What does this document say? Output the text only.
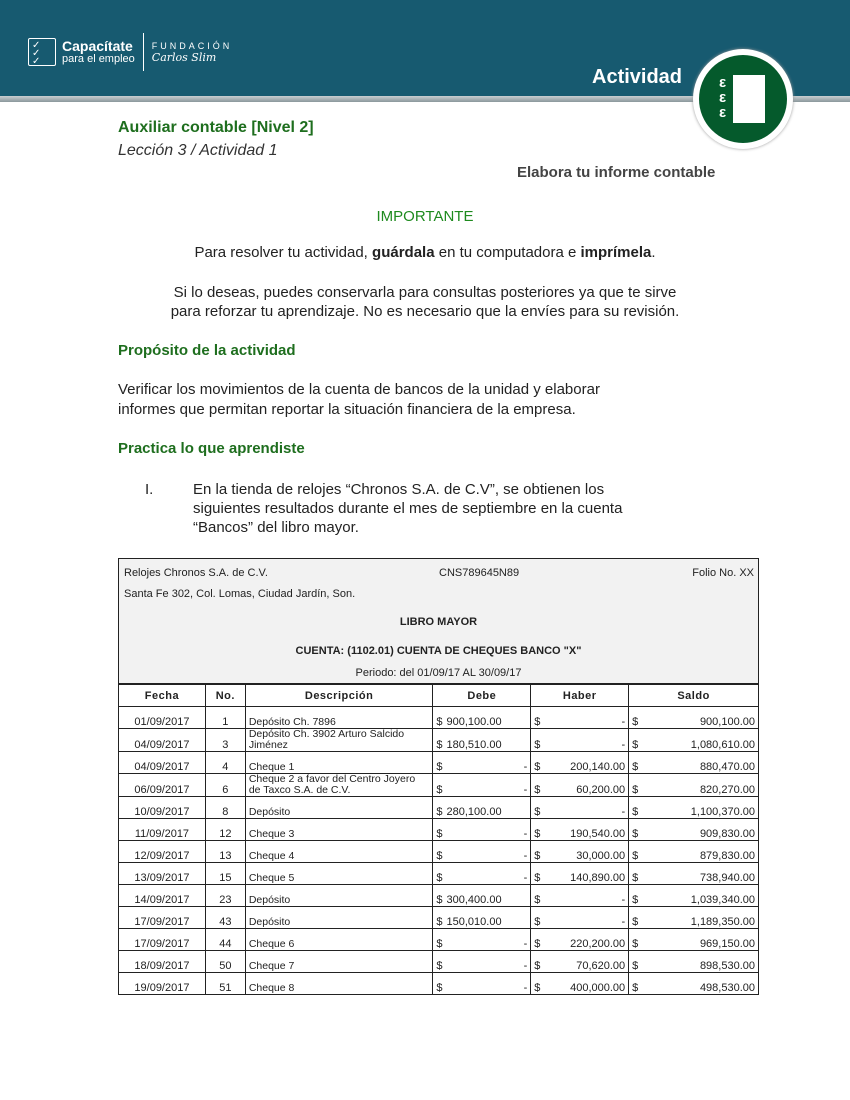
✓
✓
✓
Capacítate
para el empleo
FUNDACIÓN
Carlos Slim
Actividad ε
ε
ε
Auxiliar contable [Nivel 2]
Lección 3 / Actividad 1
Elabora tu informe contable
IMPORTANTE

Para resolver tu actividad, guárdala en tu computadora e imprímela.

Si lo deseas, puedes conservarla para consultas posteriores ya que te sirve

para reforzar tu aprendizaje. No es necesario que la envíes para su revisión.

Propósito de la actividad

Verificar los movimientos de la cuenta de bancos de la unidad y elaborar

informes que permitan reportar la situación financiera de la empresa.

Practica lo que aprendiste

I.	En la tienda de relojes “Chronos S.A. de C.V”, se obtienen los

siguientes resultados durante el mes de septiembre en la cuenta

“Bancos” del libro mayor.

Relojes Chronos S.A. de C.V.	CNS789645N89	Folio No. XX
Santa Fe 302, Col. Lomas, Ciudad Jardín, Son.
LIBRO MAYOR
CUENTA: (1102.01) CUENTA DE CHEQUES BANCO "X"
Periodo: del 01/09/17 AL 30/09/17
Fecha	No.	Descripción	Debe	Haber	Saldo
01/09/2017	1	Depósito Ch. 7896	$ 900,100.00	$ -	$ 900,100.00

04/09/2017	3	Depósito Ch. 3902 Arturo Salcido Jiménez	$ 180,510.00	$ -	$ 1,080,610.00

04/09/2017	4	Cheque 1	$ -	$ 200,140.00	$ 880,470.00

06/09/2017	6	Cheque 2 a favor del Centro Joyero de Taxco S.A. de C.V.	$ -	$ 60,200.00	$ 820,270.00

10/09/2017	8	Depósito	$ 280,100.00	$ -	$ 1,100,370.00

11/09/2017	12	Cheque 3	$ -	$ 190,540.00	$ 909,830.00

12/09/2017	13	Cheque 4	$ -	$ 30,000.00	$ 879,830.00

13/09/2017	15	Cheque 5	$ -	$ 140,890.00	$ 738,940.00

14/09/2017	23	Depósito	$ 300,400.00	$ -	$ 1,039,340.00

17/09/2017	43	Depósito	$ 150,010.00	$ -	$ 1,189,350.00

17/09/2017	44	Cheque 6	$ -	$ 220,200.00	$ 969,150.00

18/09/2017	50	Cheque 7	$ -	$ 70,620.00	$ 898,530.00

19/09/2017	51	Cheque 8	$ -	$ 400,000.00	$ 498,530.00
